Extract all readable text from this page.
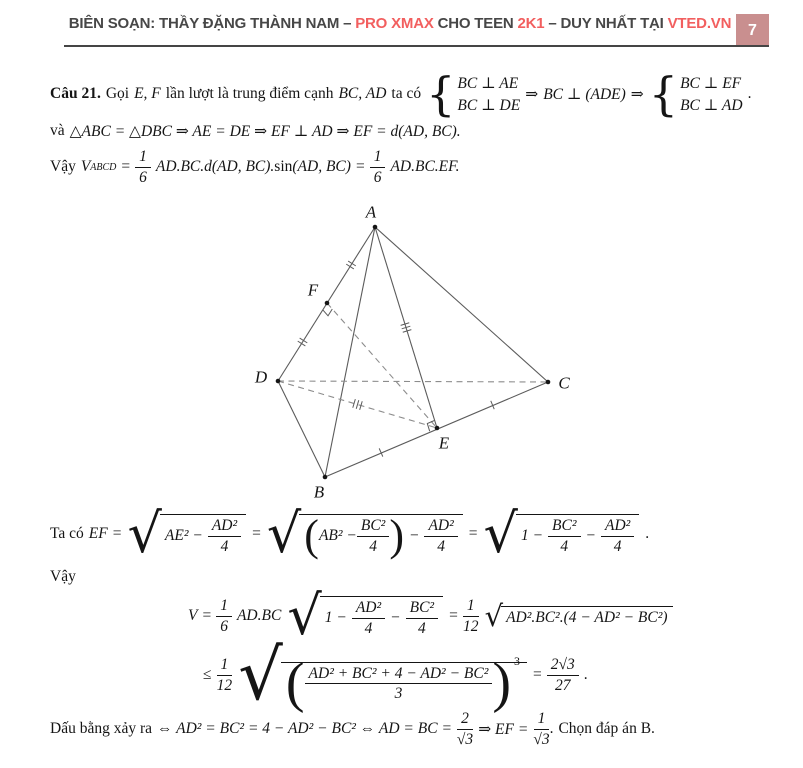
BIÊN SOẠN: THẦY ĐẶNG THÀNH NAM – PRO XMAX CHO TEEN 2K1 – DUY NHẤT TẠI VTED.VN	7
Câu 21. Gọi E, F lần lượt là trung điểm cạnh BC, AD ta có
{ BC ⊥ AE
BC ⊥ DE
⇒ BC ⊥ (ADE) ⇒
{ BC ⊥ EF
BC ⊥ AD
.
và △ABC = △DBC ⇒ AE = DE ⇒ EF ⊥ AD ⇒ EF = d(AD, BC).
Vậy V ABCD = $\frac{1}{6} AD.BC.d(AD$, BC). sin (AD, $BC) = \frac{1}{6} AD.BC.EF$.
A
F
D
B
E
C
Ta có EF = √	$AE^2 - \frac{\text{AD²}}{4}$ = √	( $AB^2 - \frac{\text{BC²}}{4}$
) − $\frac{\text{AD²}}{4}$ = √	$1 - \frac{\text{BC²}}{4} - \frac{\text{AD²}}{4}$ .
Vậy
$V = \frac{1}{6} AD.BC$ √	$1 - \frac{\text{AD²}}{4} - \frac{\text{BC²}}{4} = \frac{1}{12}$ √ AD².BC².(4 − AD² − BC²)
≤ $\frac{1}{12}$ √	( $\frac{\text{AD² + BC² + 4 − AD² − BC²}}{3}$
)
3
= $\frac{2√3}{27}$ .
Dấu bằng xảy ra ⇔ AD² = BC² = 4 − AD² − BC² ⇔ AD = BC = $\frac{2}{√3}$ ⇒ EF = $\frac{1}{√3}$ . Chọn đáp án B.
